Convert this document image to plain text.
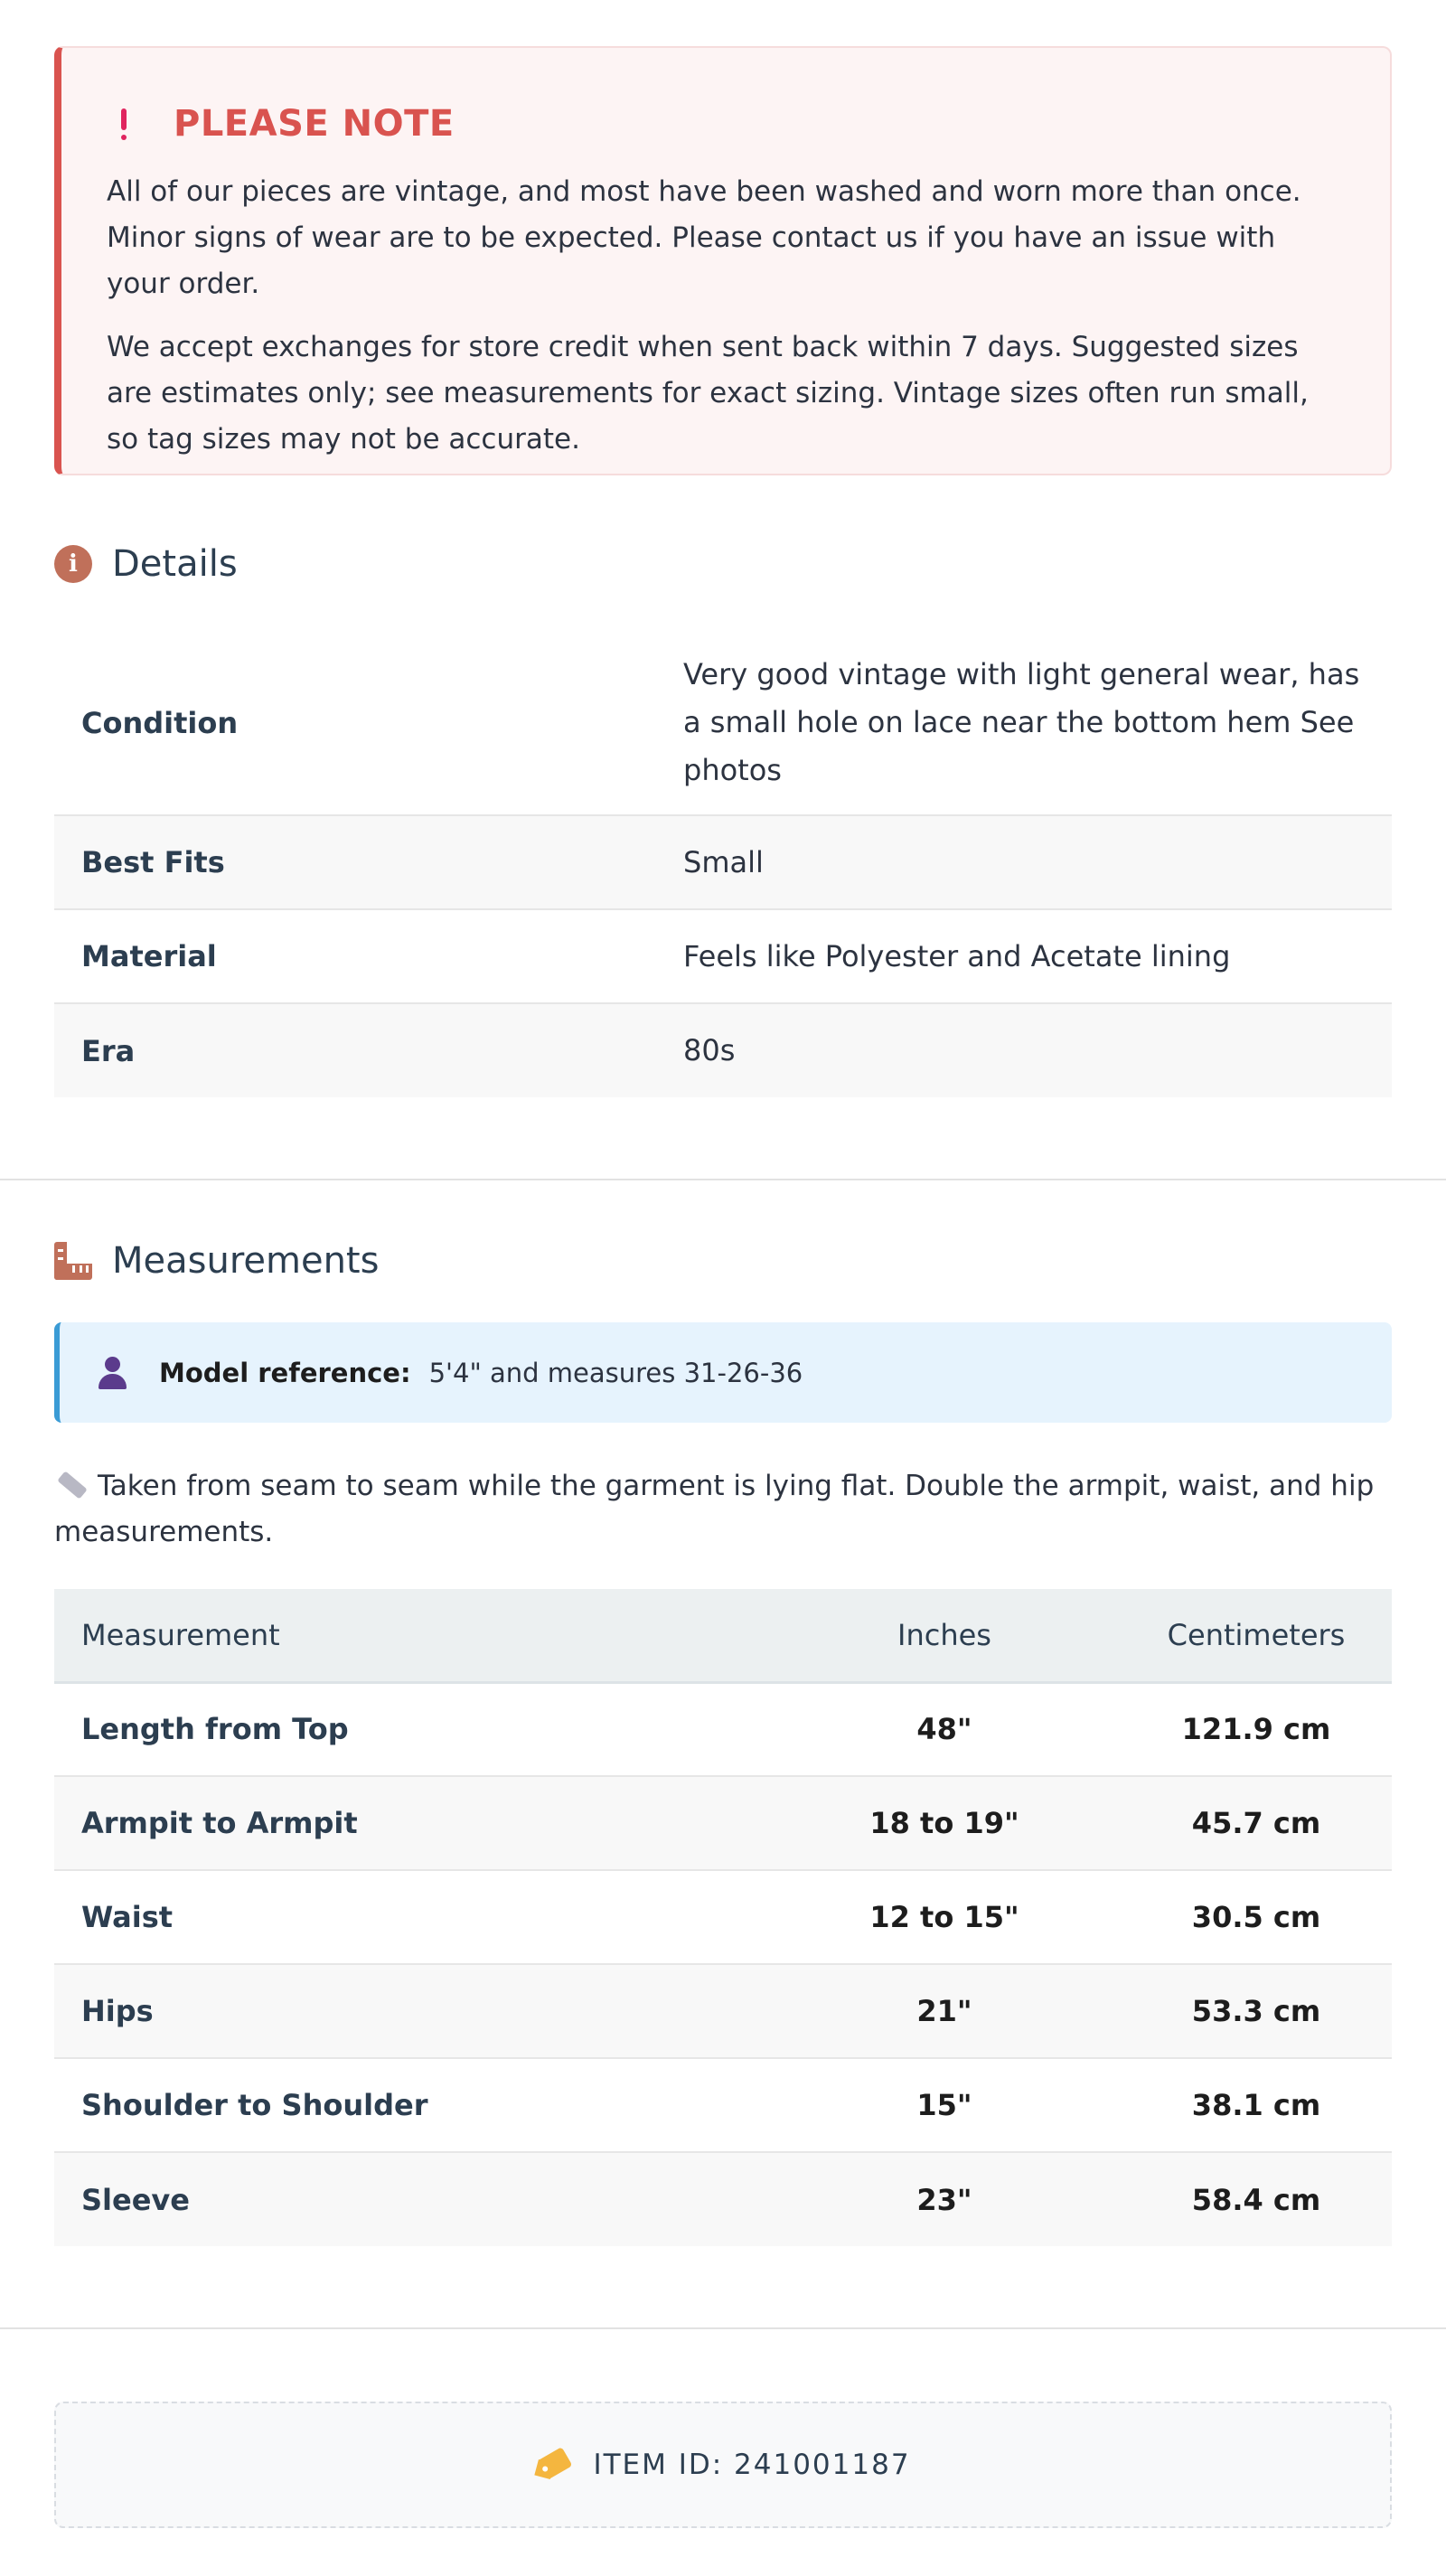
PLEASE NOTE

All of our pieces are vintage, and most have been washed and worn more than once. Minor signs of wear are to be expected. Please contact us if you have an issue with your order.

We accept exchanges for store credit when sent back within 7 days. Suggested sizes are estimates only; see measurements for exact sizing. Vintage sizes often run small, so tag sizes may not be accurate.

i Details
Condition	Very good vintage with light general wear, has a small hole on lace near the bottom hem See photos
Best Fits	Small
Material	Feels like Polyester and Acetate lining
Era	80s
Measurements
Model reference: 5'4" and measures 31-26-36
Taken from seam to seam while the garment is lying flat. Double the armpit, waist, and hip measurements.
Measurement	Inches	Centimeters
Length from Top	48"	121.9 cm
Armpit to Armpit	18 to 19"	45.7 cm
Waist	12 to 15"	30.5 cm
Hips	21"	53.3 cm
Shoulder to Shoulder	15"	38.1 cm
Sleeve	23"	58.4 cm
ITEM ID: 241001187
